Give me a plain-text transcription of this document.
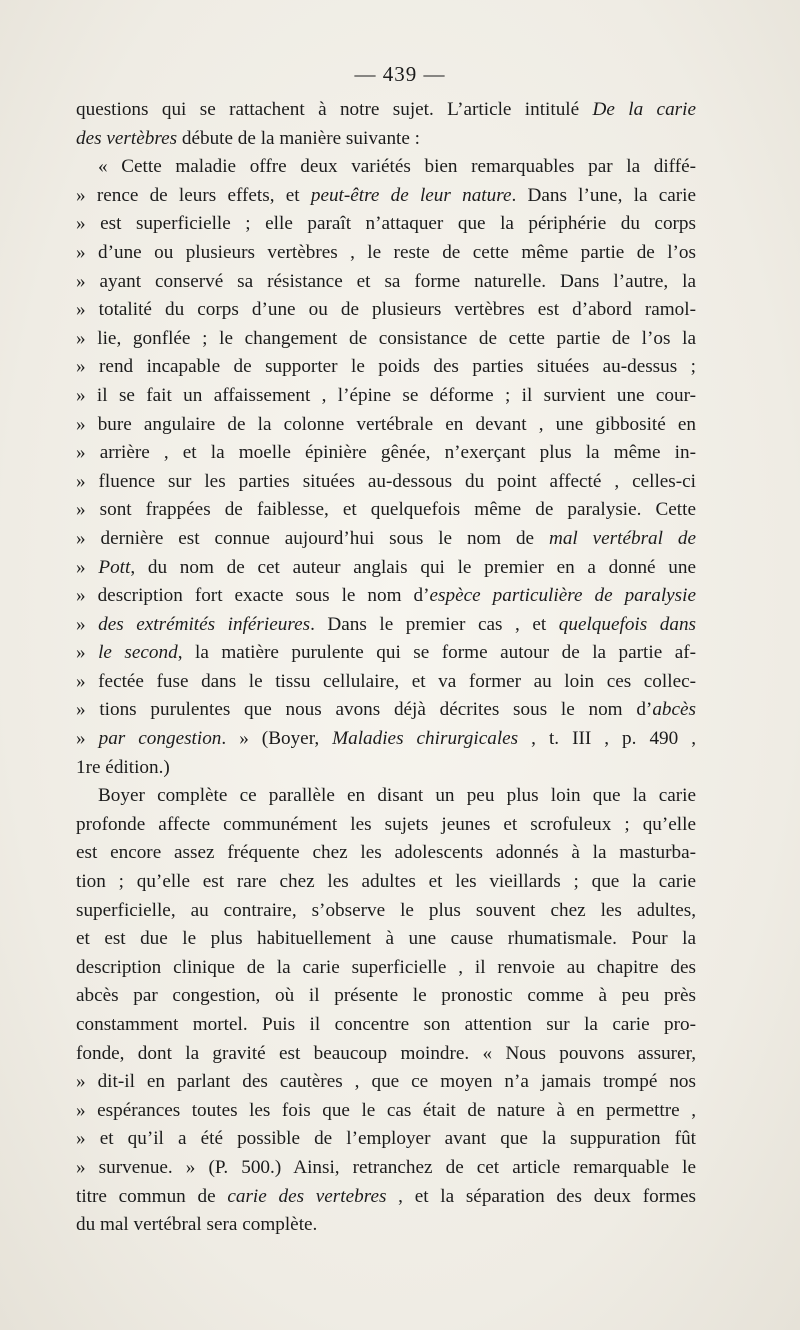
— 439 —
questions qui se rattachent à notre sujet. L’article intitulé De la carie
des vertèbres débute de la manière suivante :
« Cette maladie offre deux variétés bien remarquables par la diffé-
» rence de leurs effets, et peut-être de leur nature. Dans l’une, la carie
» est superficielle ; elle paraît n’attaquer que la périphérie du corps
» d’une ou plusieurs vertèbres , le reste de cette même partie de l’os
» ayant conservé sa résistance et sa forme naturelle. Dans l’autre, la
» totalité du corps d’une ou de plusieurs vertèbres est d’abord ramol-
» lie, gonflée ; le changement de consistance de cette partie de l’os la
» rend incapable de supporter le poids des parties situées au-dessus ;
» il se fait un affaissement , l’épine se déforme ; il survient une cour-
» bure angulaire de la colonne vertébrale en devant , une gibbosité en
» arrière , et la moelle épinière gênée, n’exerçant plus la même in-
» fluence sur les parties situées au-dessous du point affecté , celles-ci
» sont frappées de faiblesse, et quelquefois même de paralysie. Cette
» dernière est connue aujourd’hui sous le nom de mal vertébral de
» Pott, du nom de cet auteur anglais qui le premier en a donné une
» description fort exacte sous le nom d’espèce particulière de paralysie
» des extrémités inférieures. Dans le premier cas , et quelquefois dans
» le second, la matière purulente qui se forme autour de la partie af-
» fectée fuse dans le tissu cellulaire, et va former au loin ces collec-
» tions purulentes que nous avons déjà décrites sous le nom d’abcès
» par congestion. » (Boyer, Maladies chirurgicales , t. III , p. 490 ,
1re édition.)
Boyer complète ce parallèle en disant un peu plus loin que la carie
profonde affecte communément les sujets jeunes et scrofuleux ; qu’elle
est encore assez fréquente chez les adolescents adonnés à la masturba-
tion ; qu’elle est rare chez les adultes et les vieillards ; que la carie
superficielle, au contraire, s’observe le plus souvent chez les adultes,
et est due le plus habituellement à une cause rhumatismale. Pour la
description clinique de la carie superficielle , il renvoie au chapitre des
abcès par congestion, où il présente le pronostic comme à peu près
constamment mortel. Puis il concentre son attention sur la carie pro-
fonde, dont la gravité est beaucoup moindre. « Nous pouvons assurer,
» dit-il en parlant des cautères , que ce moyen n’a jamais trompé nos
» espérances toutes les fois que le cas était de nature à en permettre ,
» et qu’il a été possible de l’employer avant que la suppuration fût
» survenue. » (P. 500.) Ainsi, retranchez de cet article remarquable le
titre commun de carie des vertebres , et la séparation des deux formes
du mal vertébral sera complète.
